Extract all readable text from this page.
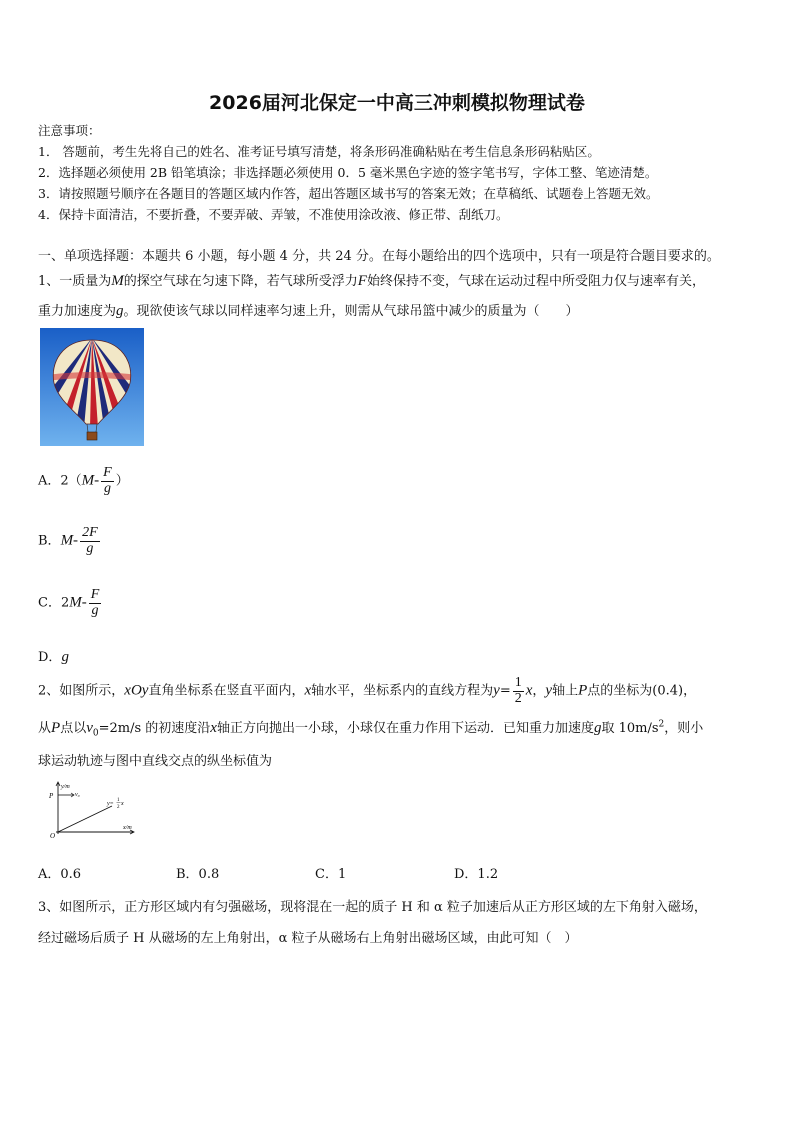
2026届河北保定一中高三冲刺模拟物理试卷
注意事项：
1． 答题前，考生先将自己的姓名、准考证号填写清楚，将条形码准确粘贴在考生信息条形码粘贴区。
2．选择题必须使用 2B 铅笔填涂；非选择题必须使用 0．5 毫米黑色字迹的签字笔书写，字体工整、笔迹清楚。
3．请按照题号顺序在各题目的答题区域内作答，超出答题区域书写的答案无效；在草稿纸、试题卷上答题无效。
4．保持卡面清洁，不要折叠，不要弄破、弄皱，不准使用涂改液、修正带、刮纸刀。
一、单项选择题：本题共 6 小题，每小题 4 分，共 24 分。在每小题给出的四个选项中，只有一项是符合题目要求的。
1、一质量为M的探空气球在匀速下降，若气球所受浮力F始终保持不变，气球在运动过程中所受阻力仅与速率有关，
重力加速度为g。现欲使该气球以同样速率匀速上升，则需从气球吊篮中减少的质量为（　　）
A．$2(M- \frac{F}{g}$ ）
B．$M- \frac{2F}{g}$
C．$2M- \frac{F}{g}$
D．g
2、如图所示，xOy直角坐标系在竖直平面内，x轴水平，坐标系内的直线方程为$y= \frac{1}{2}$ x，y轴上P点的坐标为(0.4)，
从P点以$v_0=2m/s$ 的初速度沿x轴正方向抛出一小球，小球仅在重力作用下运动．已知重力加速度g取 $10m/s^2$，则小
球运动轨迹与图中直线交点的纵坐标值为
y/m
x/m
P
O
v₀
y=
1
2
x
A．0.6	B．0.8	C．1	D．1.2
3、如图所示，正方形区域内有匀强磁场，现将混在一起的质子 H 和 α 粒子加速后从正方形区域的左下角射入磁场，
经过磁场后质子 H 从磁场的左上角射出，α 粒子从磁场右上角射出磁场区域，由此可知（　）
